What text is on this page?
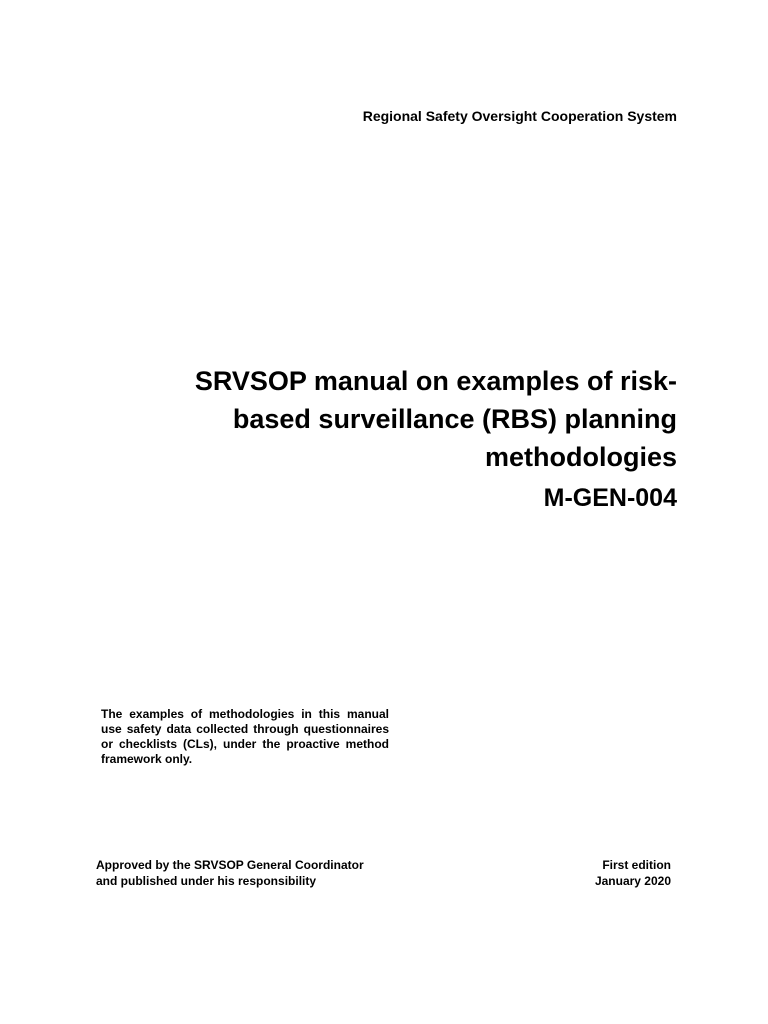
Regional Safety Oversight Cooperation System
SRVSOP manual on examples of risk-
based surveillance (RBS) planning
methodologies
M-GEN-004

The examples of methodologies in this manual use safety data collected through questionnaires or checklists (CLs), under the proactive method framework only.

Approved by the SRVSOP General Coordinator
and published under his responsibility
First edition
January 2020
